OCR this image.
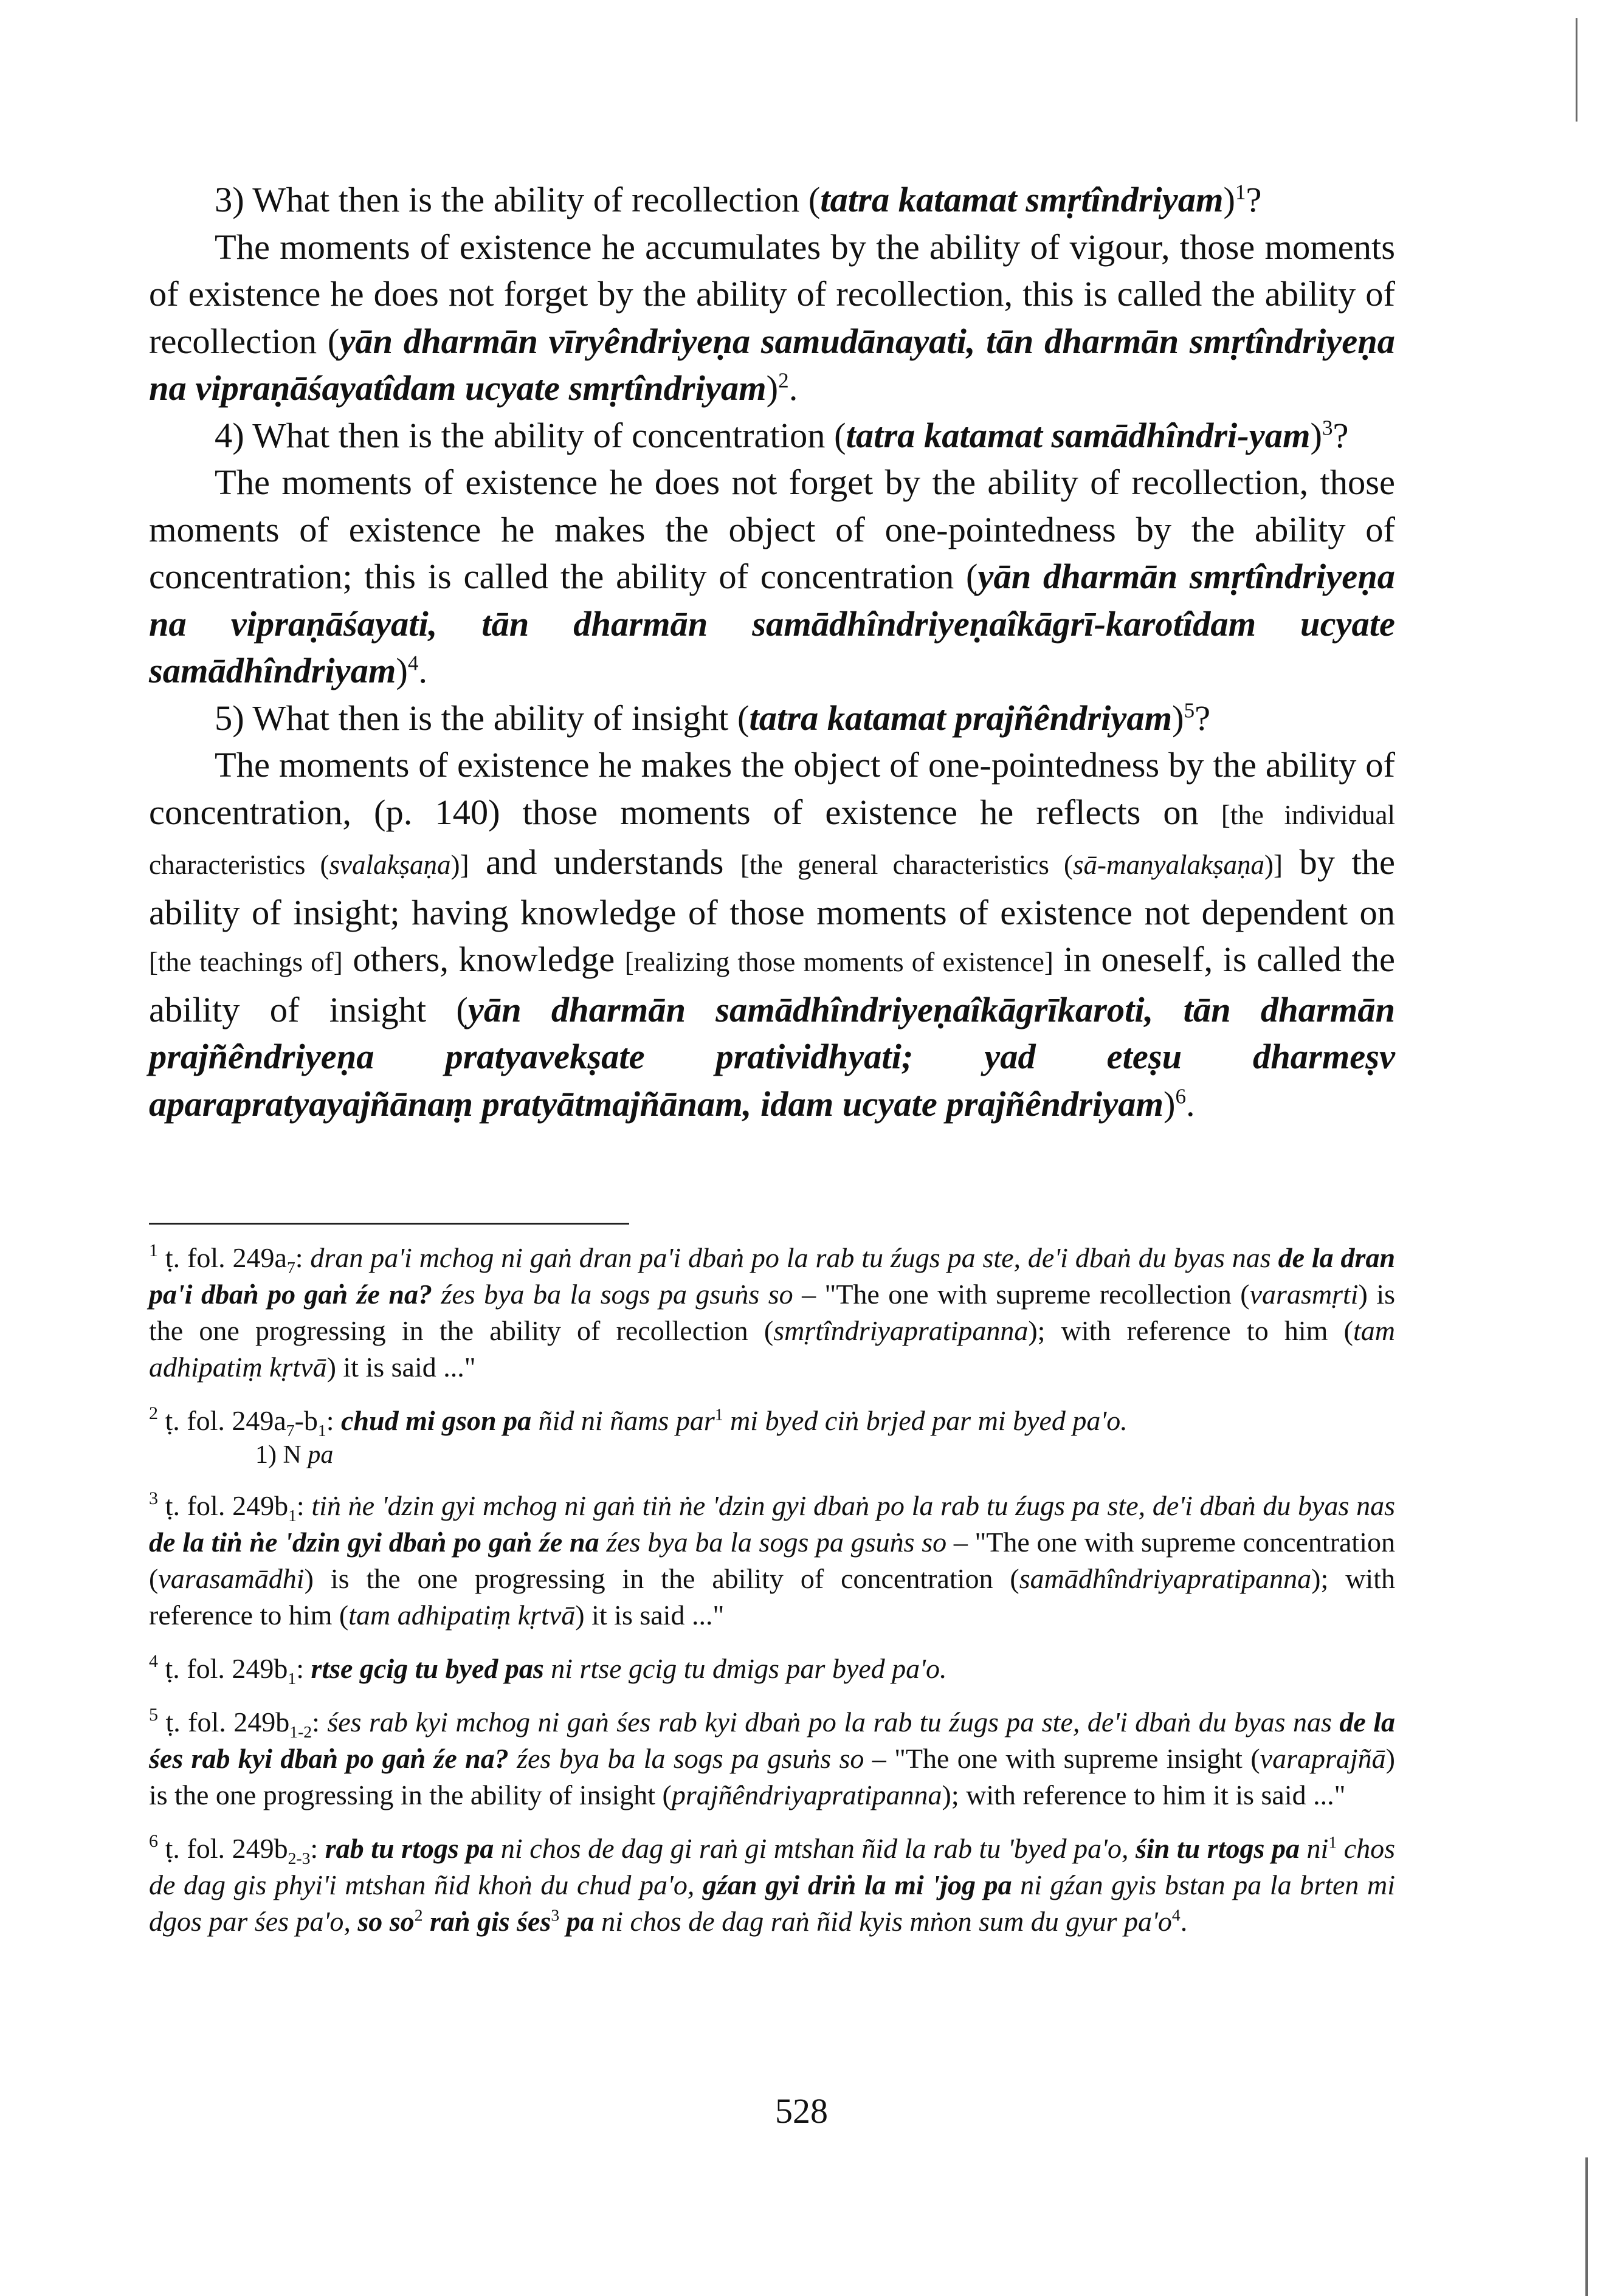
3) What then is the ability of recollection (tatra katamat smṛtîndriyam)$^1$?

The moments of existence he accumulates by the ability of vigour, those moments of existence he does not forget by the ability of recollection, this is called the ability of recollection (yān dharmān vīryêndriyeṇa samudānayati, tān dharmān smṛtîndriyeṇa na vipraṇāśayatîdam ucyate smṛtîndriyam)$^2$.

4) What then is the ability of concentration (tatra katamat samādhîndri-yam)$^3$?

The moments of existence he does not forget by the ability of recollection, those moments of existence he makes the object of one-pointedness by the ability of concentration; this is called the ability of concentration (yān dharmān smṛtîndriyeṇa na vipraṇāśayati, tān dharmān samādhîndriyeṇaîkāgrī-karotîdam ucyate samādhîndriyam)$^4$.

5) What then is the ability of insight (tatra katamat prajñêndriyam)$^5$?

The moments of existence he makes the object of one-pointedness by the ability of concentration, (p. 140) those moments of existence he reflects on [the individual characteristics (svalakṣaṇa)] and understands [the general characteristics (sā-manyalakṣaṇa)] by the ability of insight; having knowledge of those moments of existence not dependent on [the teachings of] others, knowledge [realizing those moments of existence] in oneself, is called the ability of insight (yān dharmān samādhîndriyeṇaîkāgrīkaroti, tān dharmān prajñêndriyeṇa pratyavekṣate pratividhyati; yad eteṣu dharmeṣv aparapratyayajñānaṃ pratyātmajñānam, idam ucyate prajñêndriyam)$^6$.

$^1$ ṭ. fol. $249a_7$: dran pa'i mchog ni gaṅ dran pa'i dbaṅ po la rab tu źugs pa ste, de'i dbaṅ du byas nas de la dran pa'i dbaṅ po gaṅ źe na? źes bya ba la sogs pa gsuṅs so – "The one with supreme recollection (varasmṛti) is the one progressing in the ability of recollection (smṛtîndriyapratipanna); with reference to him (tam adhipatiṃ kṛtvā) it is said ..."

$^2$ ṭ. fol. $249a_7-b_1$: chud mi gson pa ñid ni ñams par$^1$ mi byed ciṅ brjed par mi byed pa'o.
1) N pa

$^3$ ṭ. fol. $249b_1$: tiṅ ṅe 'dzin gyi mchog ni gaṅ tiṅ ṅe 'dzin gyi dbaṅ po la rab tu źugs pa ste, de'i dbaṅ du byas nas de la tiṅ ṅe 'dzin gyi dbaṅ po gaṅ źe na źes bya ba la sogs pa gsuṅs so – "The one with supreme concentration (varasamādhi) is the one progressing in the ability of concentration (samādhîndriyapratipanna); with reference to him (tam adhipatiṃ kṛtvā) it is said ..."

$^4$ ṭ. fol. $249b_1$: rtse gcig tu byed pas ni rtse gcig tu dmigs par byed pa'o.

$^5$ ṭ. fol. $249b_{1-2}$: śes rab kyi mchog ni gaṅ śes rab kyi dbaṅ po la rab tu źugs pa ste, de'i dbaṅ du byas nas de la śes rab kyi dbaṅ po gaṅ źe na? źes bya ba la sogs pa gsuṅs so – "The one with supreme insight (varaprajñā) is the one progressing in the ability of insight (prajñêndriyapratipanna); with reference to him it is said ..."

$^6$ ṭ. fol. $249b_{2-3}$: rab tu rtogs pa ni chos de dag gi raṅ gi mtshan ñid la rab tu 'byed pa'o, śin tu rtogs pa $ni^1$ chos de dag gis phyi'i mtshan ñid khoṅ du chud pa'o, gźan gyi driṅ la mi 'jog pa ni gźan gyis bstan pa la brten mi dgos par śes pa'o, so $so^2$ raṅ gis śes$^3$ pa ni chos de dag raṅ ñid kyis mṅon sum du gyur $pa'o^4$.

528
